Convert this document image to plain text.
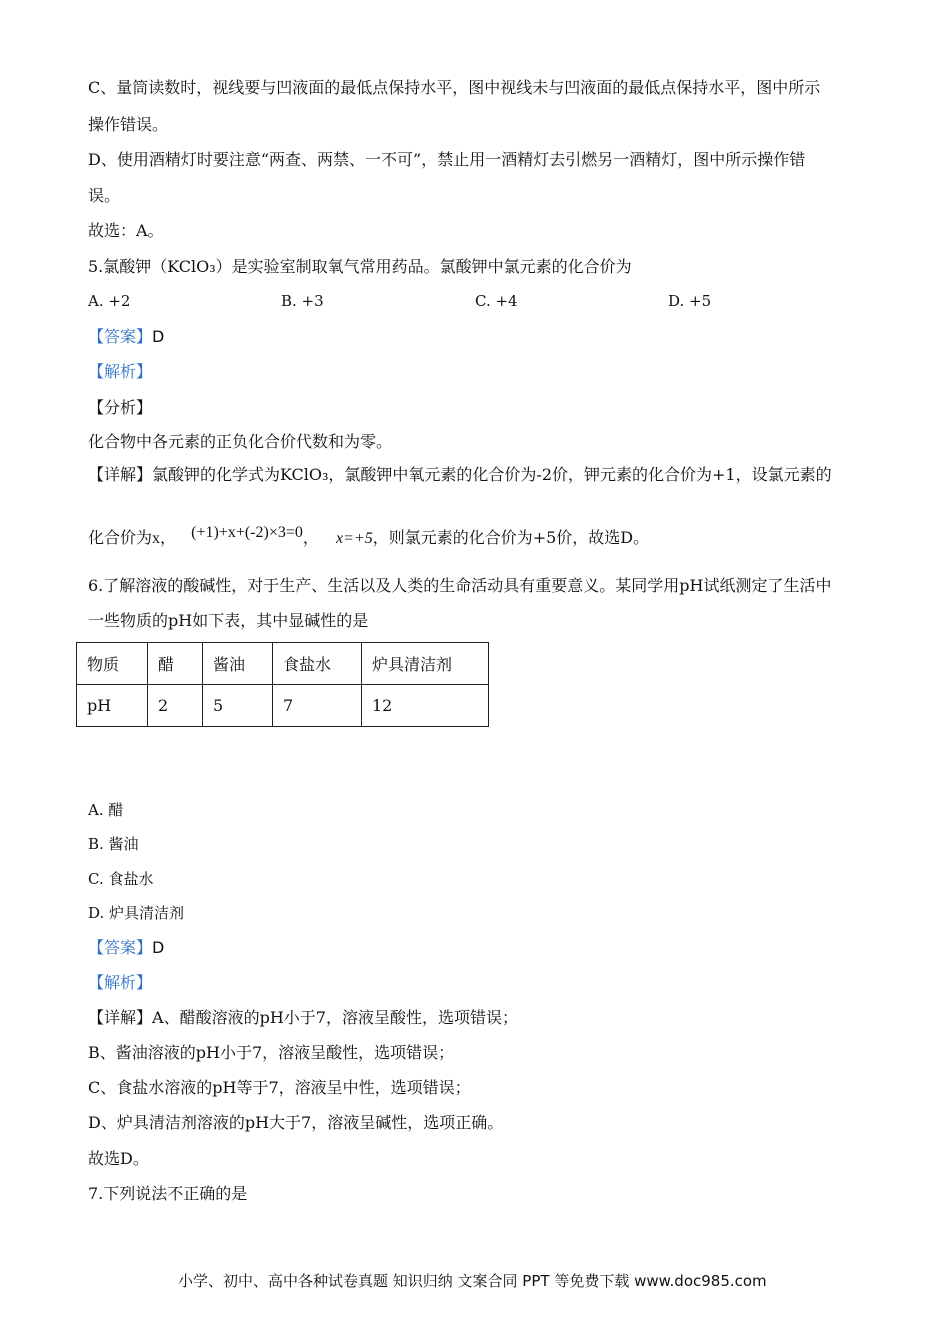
C、量筒读数时，视线要与凹液面的最低点保持水平，图中视线未与凹液面的最低点保持水平，图中所示
操作错误。
D、使用酒精灯时要注意“两查、两禁、一不可”，禁止用一酒精灯去引燃另一酒精灯，图中所示操作错
误。
故选：A。
5.氯酸钾（KClO₃）是实验室制取氧气常用药品。氯酸钾中氯元素的化合价为
A. +2	B. +3	C. +4	D. +5
【答案】D
【解析】
【分析】
化合物中各元素的正负化合价代数和为零。
【详解】氯酸钾的化学式为KClO₃，氯酸钾中氧元素的化合价为-2价，钾元素的化合价为+1，设氯元素的
化合价为x， (+1)+x+(-2)×3=0， x=+5，则氯元素的化合价为+5价，故选D。
6.了解溶液的酸碱性，对于生产、生活以及人类的生命活动具有重要意义。某同学用pH试纸测定了生活中
一些物质的pH如下表，其中显碱性的是
物质	醋	酱油	食盐水	炉具清洁剂
pH	2	5	7	12
A. 醋
B. 酱油
C. 食盐水
D. 炉具清洁剂
【答案】D
【解析】
【详解】A、醋酸溶液的pH小于7，溶液呈酸性，选项错误；
B、酱油溶液的pH小于7，溶液呈酸性，选项错误；
C、食盐水溶液的pH等于7，溶液呈中性，选项错误；
D、炉具清洁剂溶液的pH大于7，溶液呈碱性，选项正确。
故选D。
7.下列说法不正确的是
小学、初中、高中各种试卷真题 知识归纳 文案合同 PPT 等免费下载 www.doc985.com
